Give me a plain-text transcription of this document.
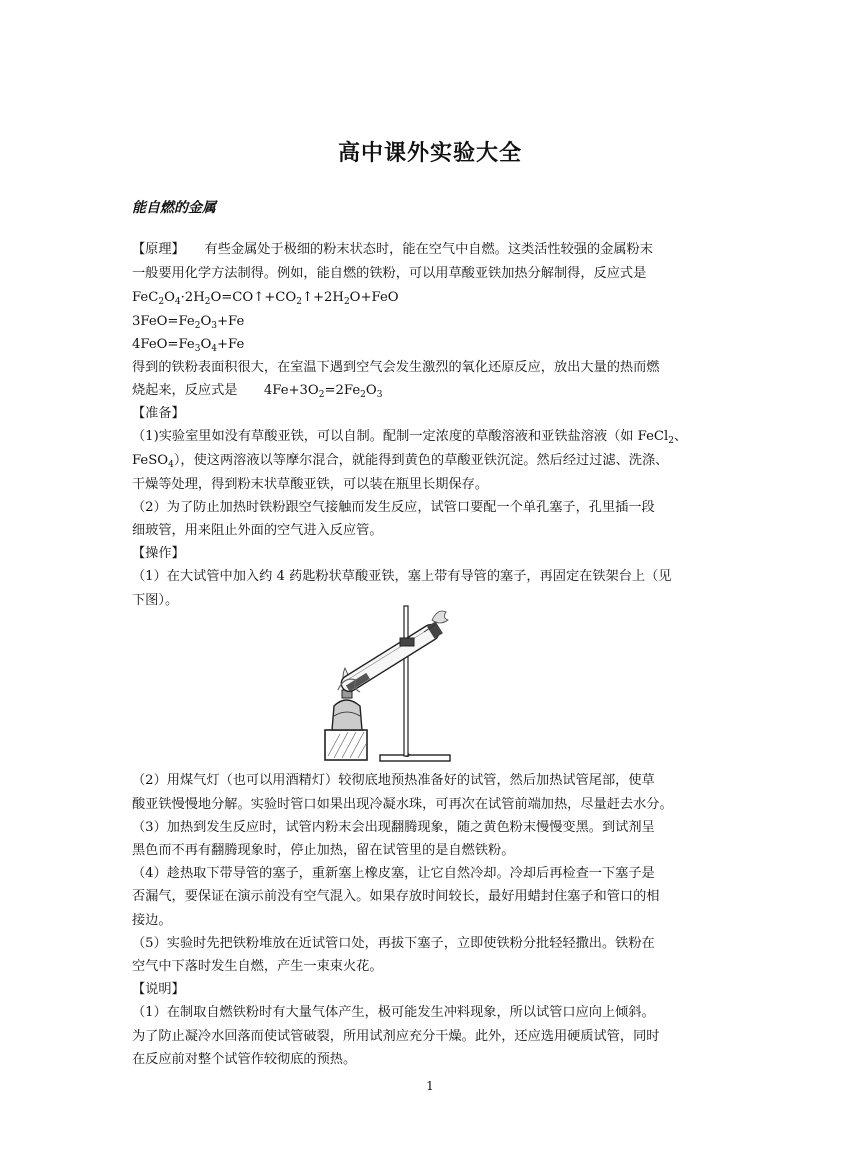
高中课外实验大全
能自燃的金属
【原理】　　有些金属处于极细的粉末状态时，能在空气中自燃。这类活性较强的金属粉末
一般要用化学方法制得。例如，能自燃的铁粉，可以用草酸亚铁加热分解制得，反应式是
$FeC_2O_4\cdot 2H_2O=CO↑+CO_2↑+2H_2O+FeO$
$3FeO=Fe_2O_3+Fe$
$4FeO=Fe_3O_4+Fe$
得到的铁粉表面积很大，在室温下遇到空气会发生激烈的氧化还原反应，放出大量的热而燃
烧起来，反应式是　　$4Fe+3O_2=2Fe_2O_3$
【准备】
（1)实验室里如没有草酸亚铁，可以自制。配制一定浓度的草酸溶液和亚铁盐溶液（如 FeCl$_2$、
FeSO$_4$），使这两溶液以等摩尔混合，就能得到黄色的草酸亚铁沉淀。然后经过过滤、洗涤、
干燥等处理，得到粉末状草酸亚铁，可以装在瓶里长期保存。
（2）为了防止加热时铁粉跟空气接触而发生反应，试管口要配一个单孔塞子，孔里插一段
细玻管，用来阻止外面的空气进入反应管。
【操作】
（1）在大试管中加入约 4 药匙粉状草酸亚铁，塞上带有导管的塞子，再固定在铁架台上（见
下图）。
（2）用煤气灯（也可以用酒精灯）较彻底地预热准备好的试管，然后加热试管尾部，使草
酸亚铁慢慢地分解。实验时管口如果出现冷凝水珠，可再次在试管前端加热，尽量赶去水分。
（3）加热到发生反应时，试管内粉末会出现翻腾现象，随之黄色粉末慢慢变黑。到试剂呈
黑色而不再有翻腾现象时，停止加热，留在试管里的是自燃铁粉。
（4）趁热取下带导管的塞子，重新塞上橡皮塞，让它自然冷却。冷却后再检查一下塞子是
否漏气，要保证在演示前没有空气混入。如果存放时间较长，最好用蜡封住塞子和管口的相
接边。
（5）实验时先把铁粉堆放在近试管口处，再拔下塞子，立即使铁粉分批轻轻撒出。铁粉在
空气中下落时发生自燃，产生一束束火花。
【说明】
（1）在制取自燃铁粉时有大量气体产生，极可能发生冲料现象，所以试管口应向上倾斜。
为了防止凝冷水回落而使试管破裂，所用试剂应充分干燥。此外，还应选用硬质试管，同时
在反应前对整个试管作较彻底的预热。
1
